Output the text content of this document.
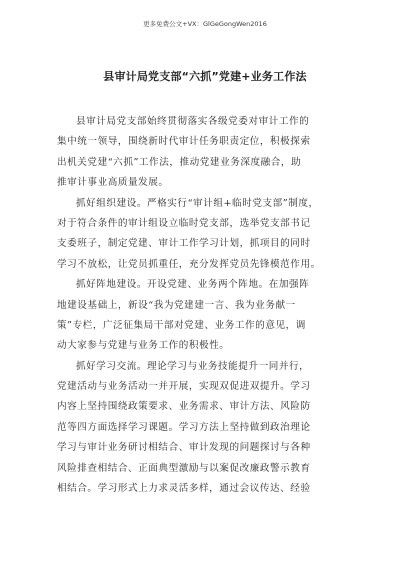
更多免费公文+VX：GlGeGongWen2016
县审计局党支部“六抓”党建+业务工作法
县审计局党支部始终贯彻落实各级党委对审计工作的
集中统一领导，围绕新时代审计任务职责定位，积极探索
出机关党建“六抓”工作法，推动党建业务深度融合，助
推审计事业高质量发展。
抓好组织建设。严格实行“审计组+临时党支部”制度，
对于符合条件的审计组设立临时党支部，选举党支部书记
支委班子，制定党建、审计工作学习计划，抓项目的同时
学习不放松，让党员抓重任，充分发挥党员先锋模范作用。
抓好阵地建设。开设党建、业务两个阵地。在加强阵
地建设基础上，新设“我为党建建一言、我为业务献一
策”专栏，广泛征集局干部对党建、业务工作的意见，调
动大家参与党建与业务工作的积极性。
抓好学习交流。理论学习与业务技能提升一同并行，
党建活动与业务活动一并开展，实现双促进双提升。学习
内容上坚持围绕政策要求、业务需求、审计方法、风险防
范等四方面选择学习课题。学习方法上坚持做到政治理论
学习与审计业务研讨相结合、审计发现的问题探讨与各种
风险排查相结合、正面典型激励与以案促改廉政警示教育
相结合。学习形式上力求灵活多样，通过会议传达、经验
